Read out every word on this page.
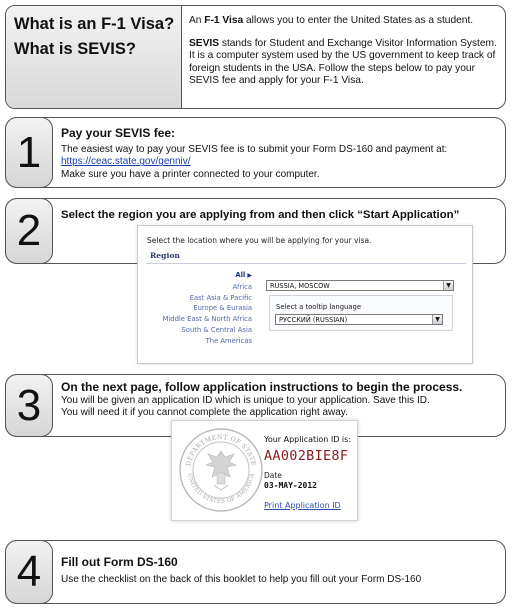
What is an F-1 Visa?
What is SEVIS?

An F-1 Visa allows you to enter the United States as a student.

SEVIS stands for Student and Exchange Visitor Information System. It is a computer system used by the US government to keep track of foreign students in the USA. Follow the steps below to pay your SEVIS fee and apply for your F-1 Visa.

1 Pay your SEVIS fee:
The easiest way to pay your SEVIS fee is to submit your Form DS-160 and payment at: https://ceac.state.gov/genniv/
Make sure you have a printer connected to your computer.
2 Select the region you are applying from and then click “Start Application”
Select the location where you will be applying for your visa.
Region
All ▶
Africa
East Asia & Pacific
Europe & Eurasia
Middle East & North Africa
South & Central Asia
The Americas
RUSSIA, MOSCOW	▼
Select a tooltip language
РУССКИЙ (RUSSIAN)	▼
3 On the next page, follow application instructions to begin the process.
You will be given an application ID which is unique to your application. Save this ID.
You will need it if you cannot complete the application right away.
DEPARTMENT OF STATE
UNITED STATES OF AMERICA
Your Application ID is:
AA002BIE8F
Date
03-MAY-2012
Print Application ID
4 Fill out Form DS-160
Use the checklist on the back of this booklet to help you fill out your Form DS-160
